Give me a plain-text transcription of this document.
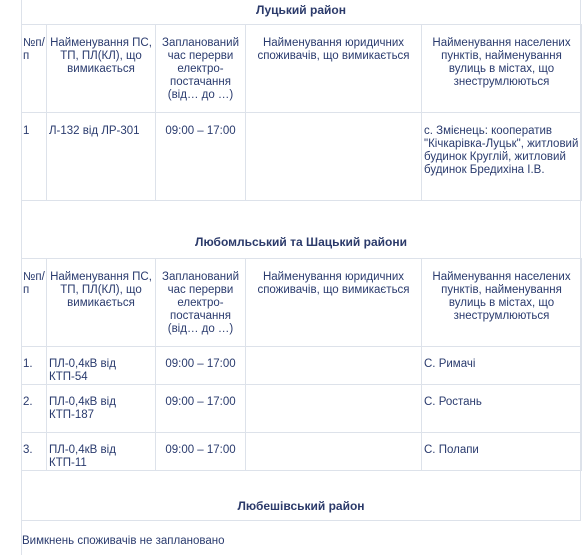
Луцький район
№п/п	Найменування ПС, ТП, ПЛ(КЛ), що вимикається	Запланований час перерви електро-постачання (від… до …)	Найменування юридичних споживачів, що вимикається	Найменування населених пунктів, найменування вулиць в містах, що знеструмлюються
1	Л-132 від ЛР-301	09:00 – 17:00		с. Змієнець: кооператив "Кічкарівка-Луцьк", житловий будинок Круглій, житловий будинок Бредихіна І.В.
Любомльський та Шацький райони
№п/п	Найменування ПС, ТП, ПЛ(КЛ), що вимикається	Запланований час перерви електро-постачання (від… до …)	Найменування юридичних споживачів, що вимикається	Найменування населених пунктів, найменування вулиць в містах, що знеструмлюються
1.	ПЛ-0,4кВ від КТП-54	09:00 – 17:00		С. Римачі
2.	ПЛ-0,4кВ від КТП-187	09:00 – 17:00		С. Ростань
3.	ПЛ-0,4кВ від КТП-11	09:00 – 17:00		С. Полапи
Любешівський район
Вимкнень споживачів не заплановано
